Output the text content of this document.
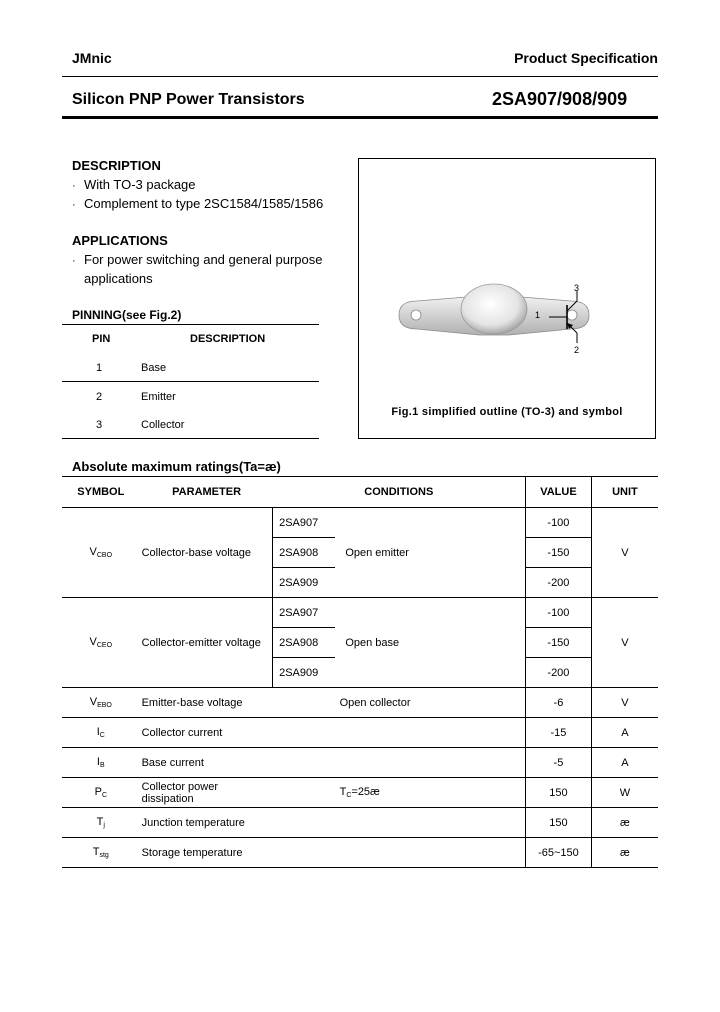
JMnic	Product Specification
Silicon PNP Power Transistors	2SA907/908/909
DESCRIPTION
· With TO-3 package
· Complement to type 2SC1584/1585/1586
APPLICATIONS
· For power switching and general purpose
applications
PINNING(see Fig.2)
PIN	DESCRIPTION
1	Base
2	Emitter
3	Collector
1
3
2
Fig.1 simplified outline (TO-3) and symbol
Absolute maximum ratings(Ta=æ)
SYMBOL	PARAMETER	CONDITIONS		VALUE	UNIT
$V_{CBO}$	Collector-base voltage	2SA907	Open emitter	-100	V
		2SA908		-150	
		2SA909		-200	
$V_{CEO}$	Collector-emitter voltage	2SA907	Open base	-100	V
		2SA908		-150	
		2SA909		-200	
$V_{EBO}$	Emitter-base voltage	Open collector		-6	V
$I_C$	Collector current			-15	A
$I_B$	Base current			-5	A
$P_C$	Collector power dissipation	$T_C=25æ$		150	W
$T_j$	Junction temperature			150	æ
$T_{stg}$	Storage temperature			-65~150	æ
